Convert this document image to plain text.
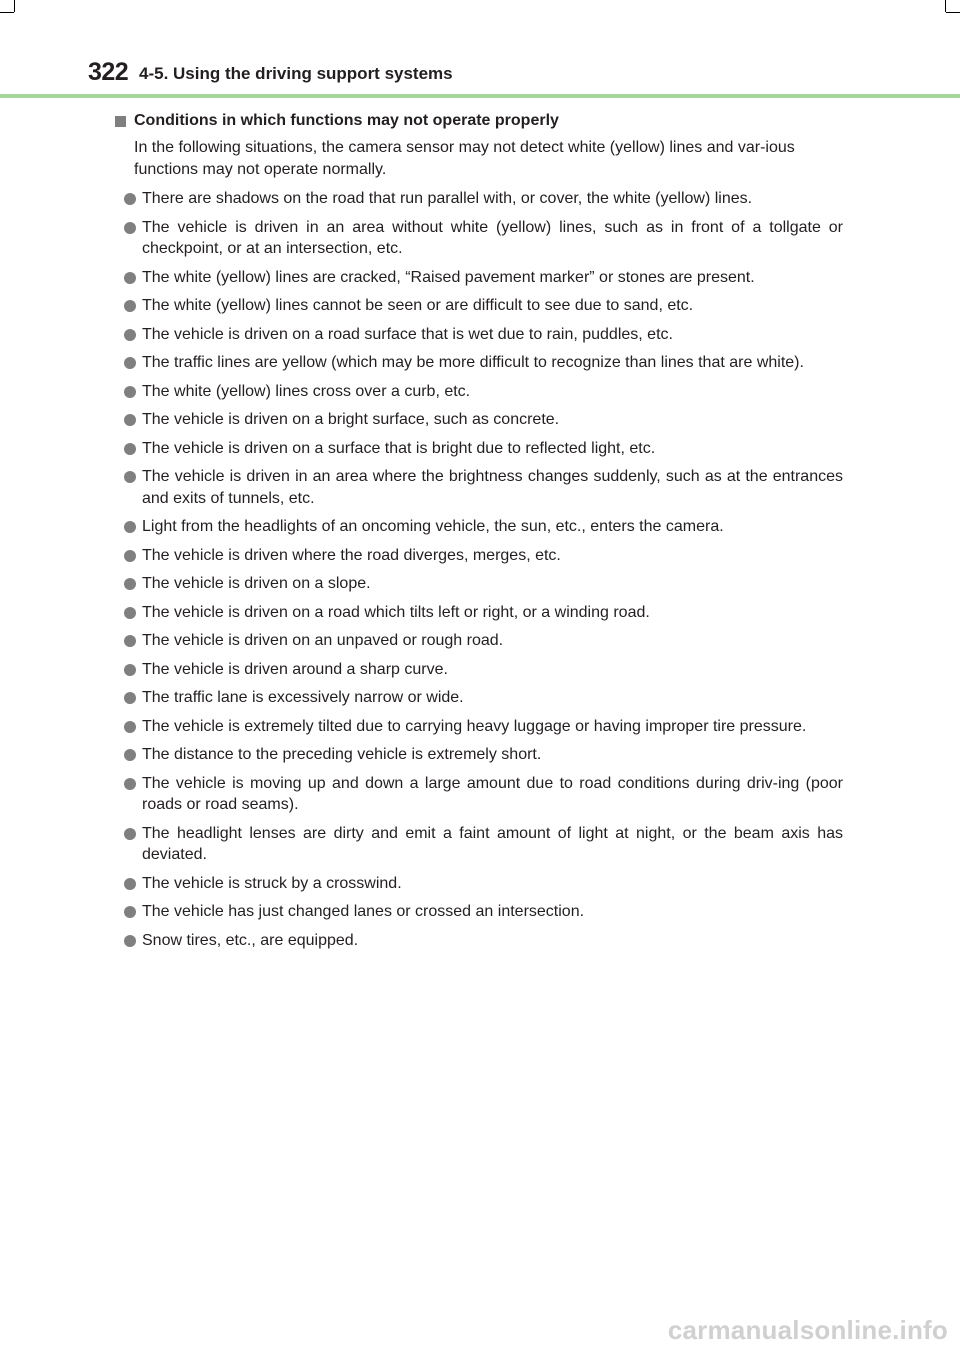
322 4-5. Using the driving support systems
Conditions in which functions may not operate properly
In the following situations, the camera sensor may not detect white (yellow) lines and var-ious functions may not operate normally.
There are shadows on the road that run parallel with, or cover, the white (yellow) lines.
The vehicle is driven in an area without white (yellow) lines, such as in front of a tollgate or checkpoint, or at an intersection, etc.
The white (yellow) lines are cracked, “Raised pavement marker” or stones are present.
The white (yellow) lines cannot be seen or are difficult to see due to sand, etc.
The vehicle is driven on a road surface that is wet due to rain, puddles, etc.
The traffic lines are yellow (which may be more difficult to recognize than lines that are white).
The white (yellow) lines cross over a curb, etc.
The vehicle is driven on a bright surface, such as concrete.
The vehicle is driven on a surface that is bright due to reflected light, etc.
The vehicle is driven in an area where the brightness changes suddenly, such as at the entrances and exits of tunnels, etc.
Light from the headlights of an oncoming vehicle, the sun, etc., enters the camera.
The vehicle is driven where the road diverges, merges, etc.
The vehicle is driven on a slope.
The vehicle is driven on a road which tilts left or right, or a winding road.
The vehicle is driven on an unpaved or rough road.
The vehicle is driven around a sharp curve.
The traffic lane is excessively narrow or wide.
The vehicle is extremely tilted due to carrying heavy luggage or having improper tire pressure.
The distance to the preceding vehicle is extremely short.
The vehicle is moving up and down a large amount due to road conditions during driv-ing (poor roads or road seams).
The headlight lenses are dirty and emit a faint amount of light at night, or the beam axis has deviated.
The vehicle is struck by a crosswind.
The vehicle has just changed lanes or crossed an intersection.
Snow tires, etc., are equipped.
carmanualsonline.info
